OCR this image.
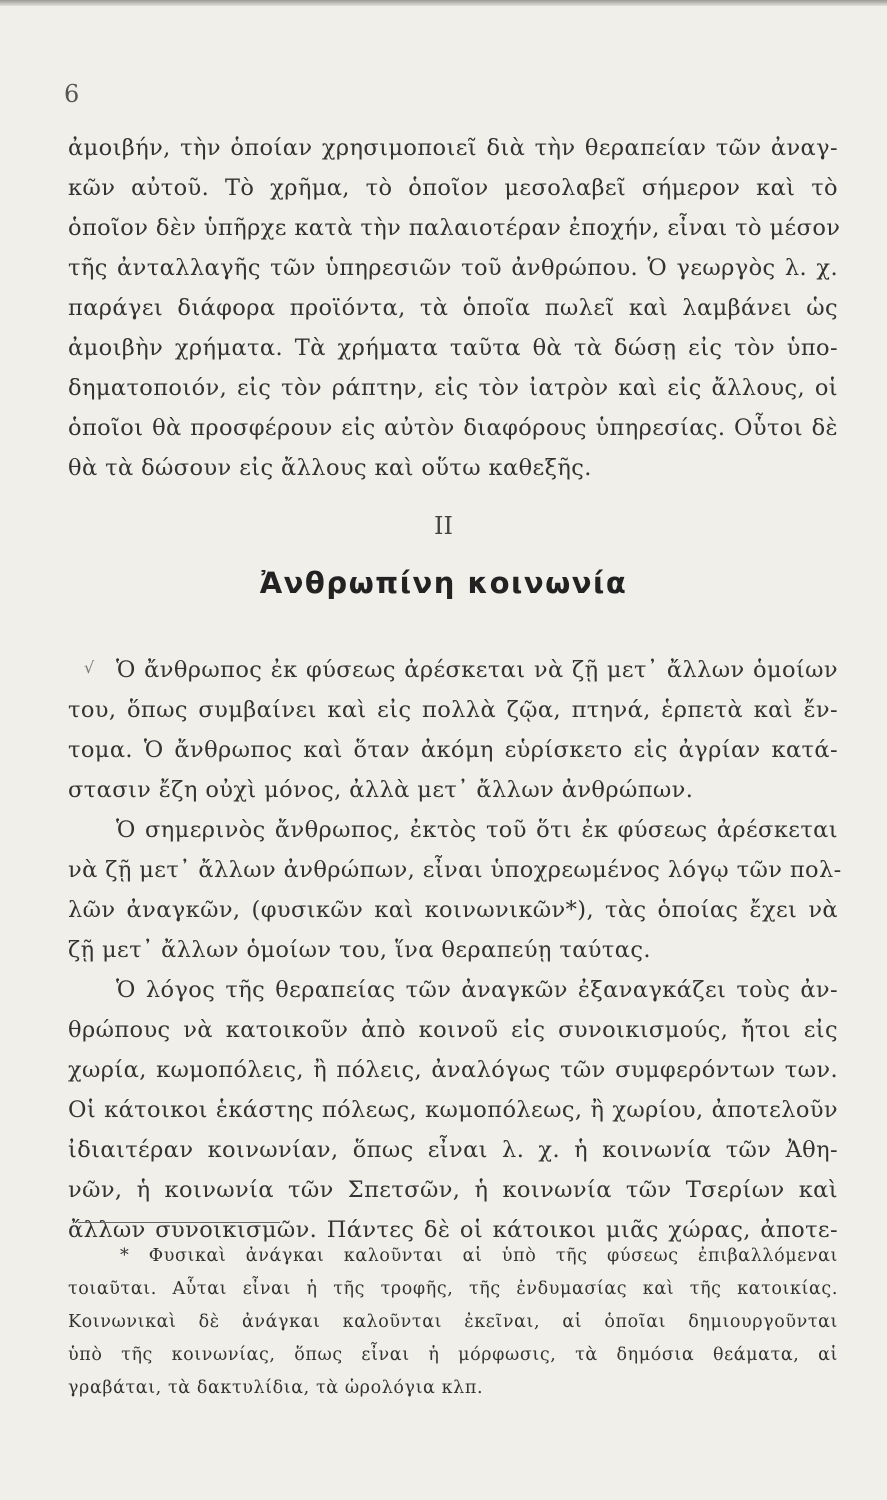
6
ἀμοιβήν, τὴν ὁποίαν χρησιμοποιεῖ διὰ τὴν θεραπείαν τῶν ἀναγ-
κῶν αὐτοῦ. Τὸ χρῆμα, τὸ ὁποῖον μεσολαβεῖ σήμερον καὶ τὸ
ὁποῖον δὲν ὑπῆρχε κατὰ τὴν παλαιοτέραν ἐποχήν, εἶναι τὸ μέσον
τῆς ἀνταλλαγῆς τῶν ὑπηρεσιῶν τοῦ ἀνθρώπου. Ὁ γεωργὸς λ. χ.
παράγει διάφορα προϊόντα, τὰ ὁποῖα πωλεῖ καὶ λαμβάνει ὡς
ἀμοιβὴν χρήματα. Τὰ χρήματα ταῦτα θὰ τὰ δώσῃ εἰς τὸν ὑπο-
δηματοποιόν, εἰς τὸν ράπτην, εἰς τὸν ἰατρὸν καὶ εἰς ἄλλους, οἱ
ὁποῖοι θὰ προσφέρουν εἰς αὐτὸν διαφόρους ὑπηρεσίας. Οὗτοι δὲ
θὰ τὰ δώσουν εἰς ἄλλους καὶ οὕτω καθεξῆς.
II
Ἀνθρωπίνη κοινωνία
√ Ὁ ἄνθρωπος ἐκ φύσεως ἀρέσκεται νὰ ζῇ μετ᾿ ἄλλων ὁμοίων
του, ὅπως συμβαίνει καὶ εἰς πολλὰ ζῷα, πτηνά, ἑρπετὰ καὶ ἔν-
τομα. Ὁ ἄνθρωπος καὶ ὅταν ἀκόμη εὑρίσκετο εἰς ἀγρίαν κατά-
στασιν ἔζη οὐχὶ μόνος, ἀλλὰ μετ᾿ ἄλλων ἀνθρώπων.
Ὁ σημερινὸς ἄνθρωπος, ἐκτὸς τοῦ ὅτι ἐκ φύσεως ἀρέσκεται
νὰ ζῇ μετ᾿ ἄλλων ἀνθρώπων, εἶναι ὑποχρεωμένος λόγῳ τῶν πολ-
λῶν ἀναγκῶν, (φυσικῶν καὶ κοινωνικῶν*), τὰς ὁποίας ἔχει νὰ
ζῇ μετ᾿ ἄλλων ὁμοίων του, ἵνα θεραπεύῃ ταύτας.
Ὁ λόγος τῆς θεραπείας τῶν ἀναγκῶν ἐξαναγκάζει τοὺς ἀν-
θρώπους νὰ κατοικοῦν ἀπὸ κοινοῦ εἰς συνοικισμούς, ἤτοι εἰς
χωρία, κωμοπόλεις, ἢ πόλεις, ἀναλόγως τῶν συμφερόντων των.
Οἱ κάτοικοι ἑκάστης πόλεως, κωμοπόλεως, ἢ χωρίου, ἀποτελοῦν
ἰδιαιτέραν κοινωνίαν, ὅπως εἶναι λ. χ. ἡ κοινωνία τῶν Ἀθη-
νῶν, ἡ κοινωνία τῶν Σπετσῶν, ἡ κοινωνία τῶν Τσερίων καὶ
ἄλλων συνοικισμῶν. Πάντες δὲ οἱ κάτοικοι μιᾶς χώρας, ἀποτε-
* Φυσικαὶ ἀνάγκαι καλοῦνται αἱ ὑπὸ τῆς φύσεως ἐπιβαλλόμεναι
τοιαῦται. Αὗται εἶναι ἡ τῆς τροφῆς, τῆς ἐνδυμασίας καὶ τῆς κατοικίας.
Κοινωνικαὶ δὲ ἀνάγκαι καλοῦνται ἐκεῖναι, αἱ ὁποῖαι δημιουργοῦνται
ὑπὸ τῆς κοινωνίας, ὅπως εἶναι ἡ μόρφωσις, τὰ δημόσια θεάματα, αἱ
γραβάται, τὰ δακτυλίδια, τὰ ὡρολόγια κλπ.
